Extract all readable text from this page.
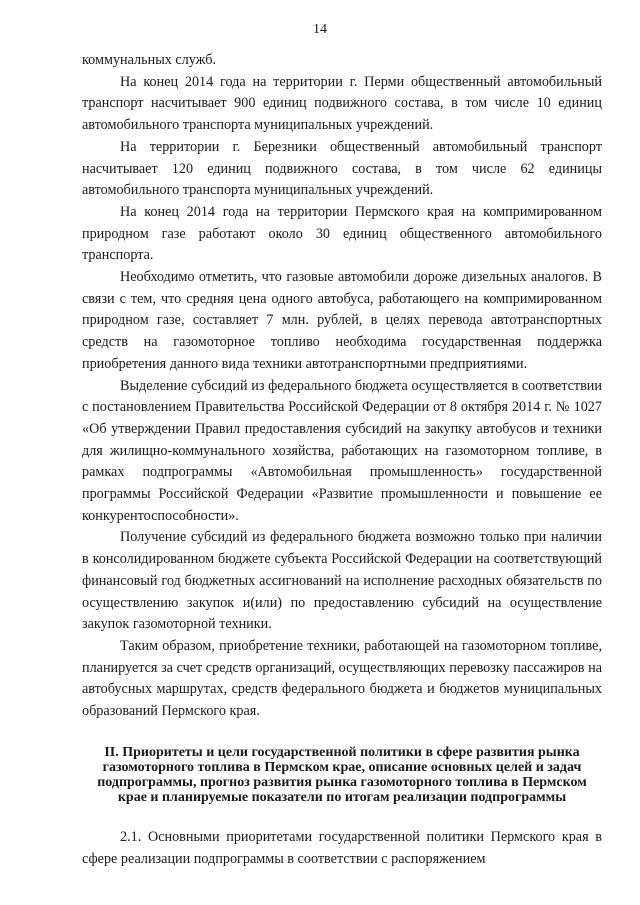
14

коммунальных служб.

На конец 2014 года на территории г. Перми общественный автомобильный транспорт насчитывает 900 единиц подвижного состава, в том числе 10 единиц автомобильного транспорта муниципальных учреждений.

На территории г. Березники общественный автомобильный транспорт насчитывает 120 единиц подвижного состава, в том числе 62 единицы автомобильного транспорта муниципальных учреждений.

На конец 2014 года на территории Пермского края на компримированном природном газе работают около 30 единиц общественного автомобильного транспорта.

Необходимо отметить, что газовые автомобили дороже дизельных аналогов. В связи с тем, что средняя цена одного автобуса, работающего на компримированном природном газе, составляет 7 млн. рублей, в целях перевода автотранспортных средств на газомоторное топливо необходима государственная поддержка приобретения данного вида техники автотранспортными предприятиями.

Выделение субсидий из федерального бюджета осуществляется в соответствии с постановлением Правительства Российской Федерации от 8 октября 2014 г. № 1027 «Об утверждении Правил предоставления субсидий на закупку автобусов и техники для жилищно-коммунального хозяйства, работающих на газомоторном топливе, в рамках подпрограммы «Автомобильная промышленность» государственной программы Российской Федерации «Развитие промышленности и повышение ее конкурентоспособности».

Получение субсидий из федерального бюджета возможно только при наличии в консолидированном бюджете субъекта Российской Федерации на соответствующий финансовый год бюджетных ассигнований на исполнение расходных обязательств по осуществлению закупок и(или) по предоставлению субсидий на осуществление закупок газомоторной техники.

Таким образом, приобретение техники, работающей на газомоторном топливе, планируется за счет средств организаций, осуществляющих перевозку пассажиров на автобусных маршрутах, средств федерального бюджета и бюджетов муниципальных образований Пермского края.

II. Приоритеты и цели государственной политики в сфере развития рынка газомоторного топлива в Пермском крае, описание основных целей и задач подпрограммы, прогноз развития рынка газомоторного топлива в Пермском крае и планируемые показатели по итогам реализации подпрограммы

2.1. Основными приоритетами государственной политики Пермского края в сфере реализации подпрограммы в соответствии с распоряжением
